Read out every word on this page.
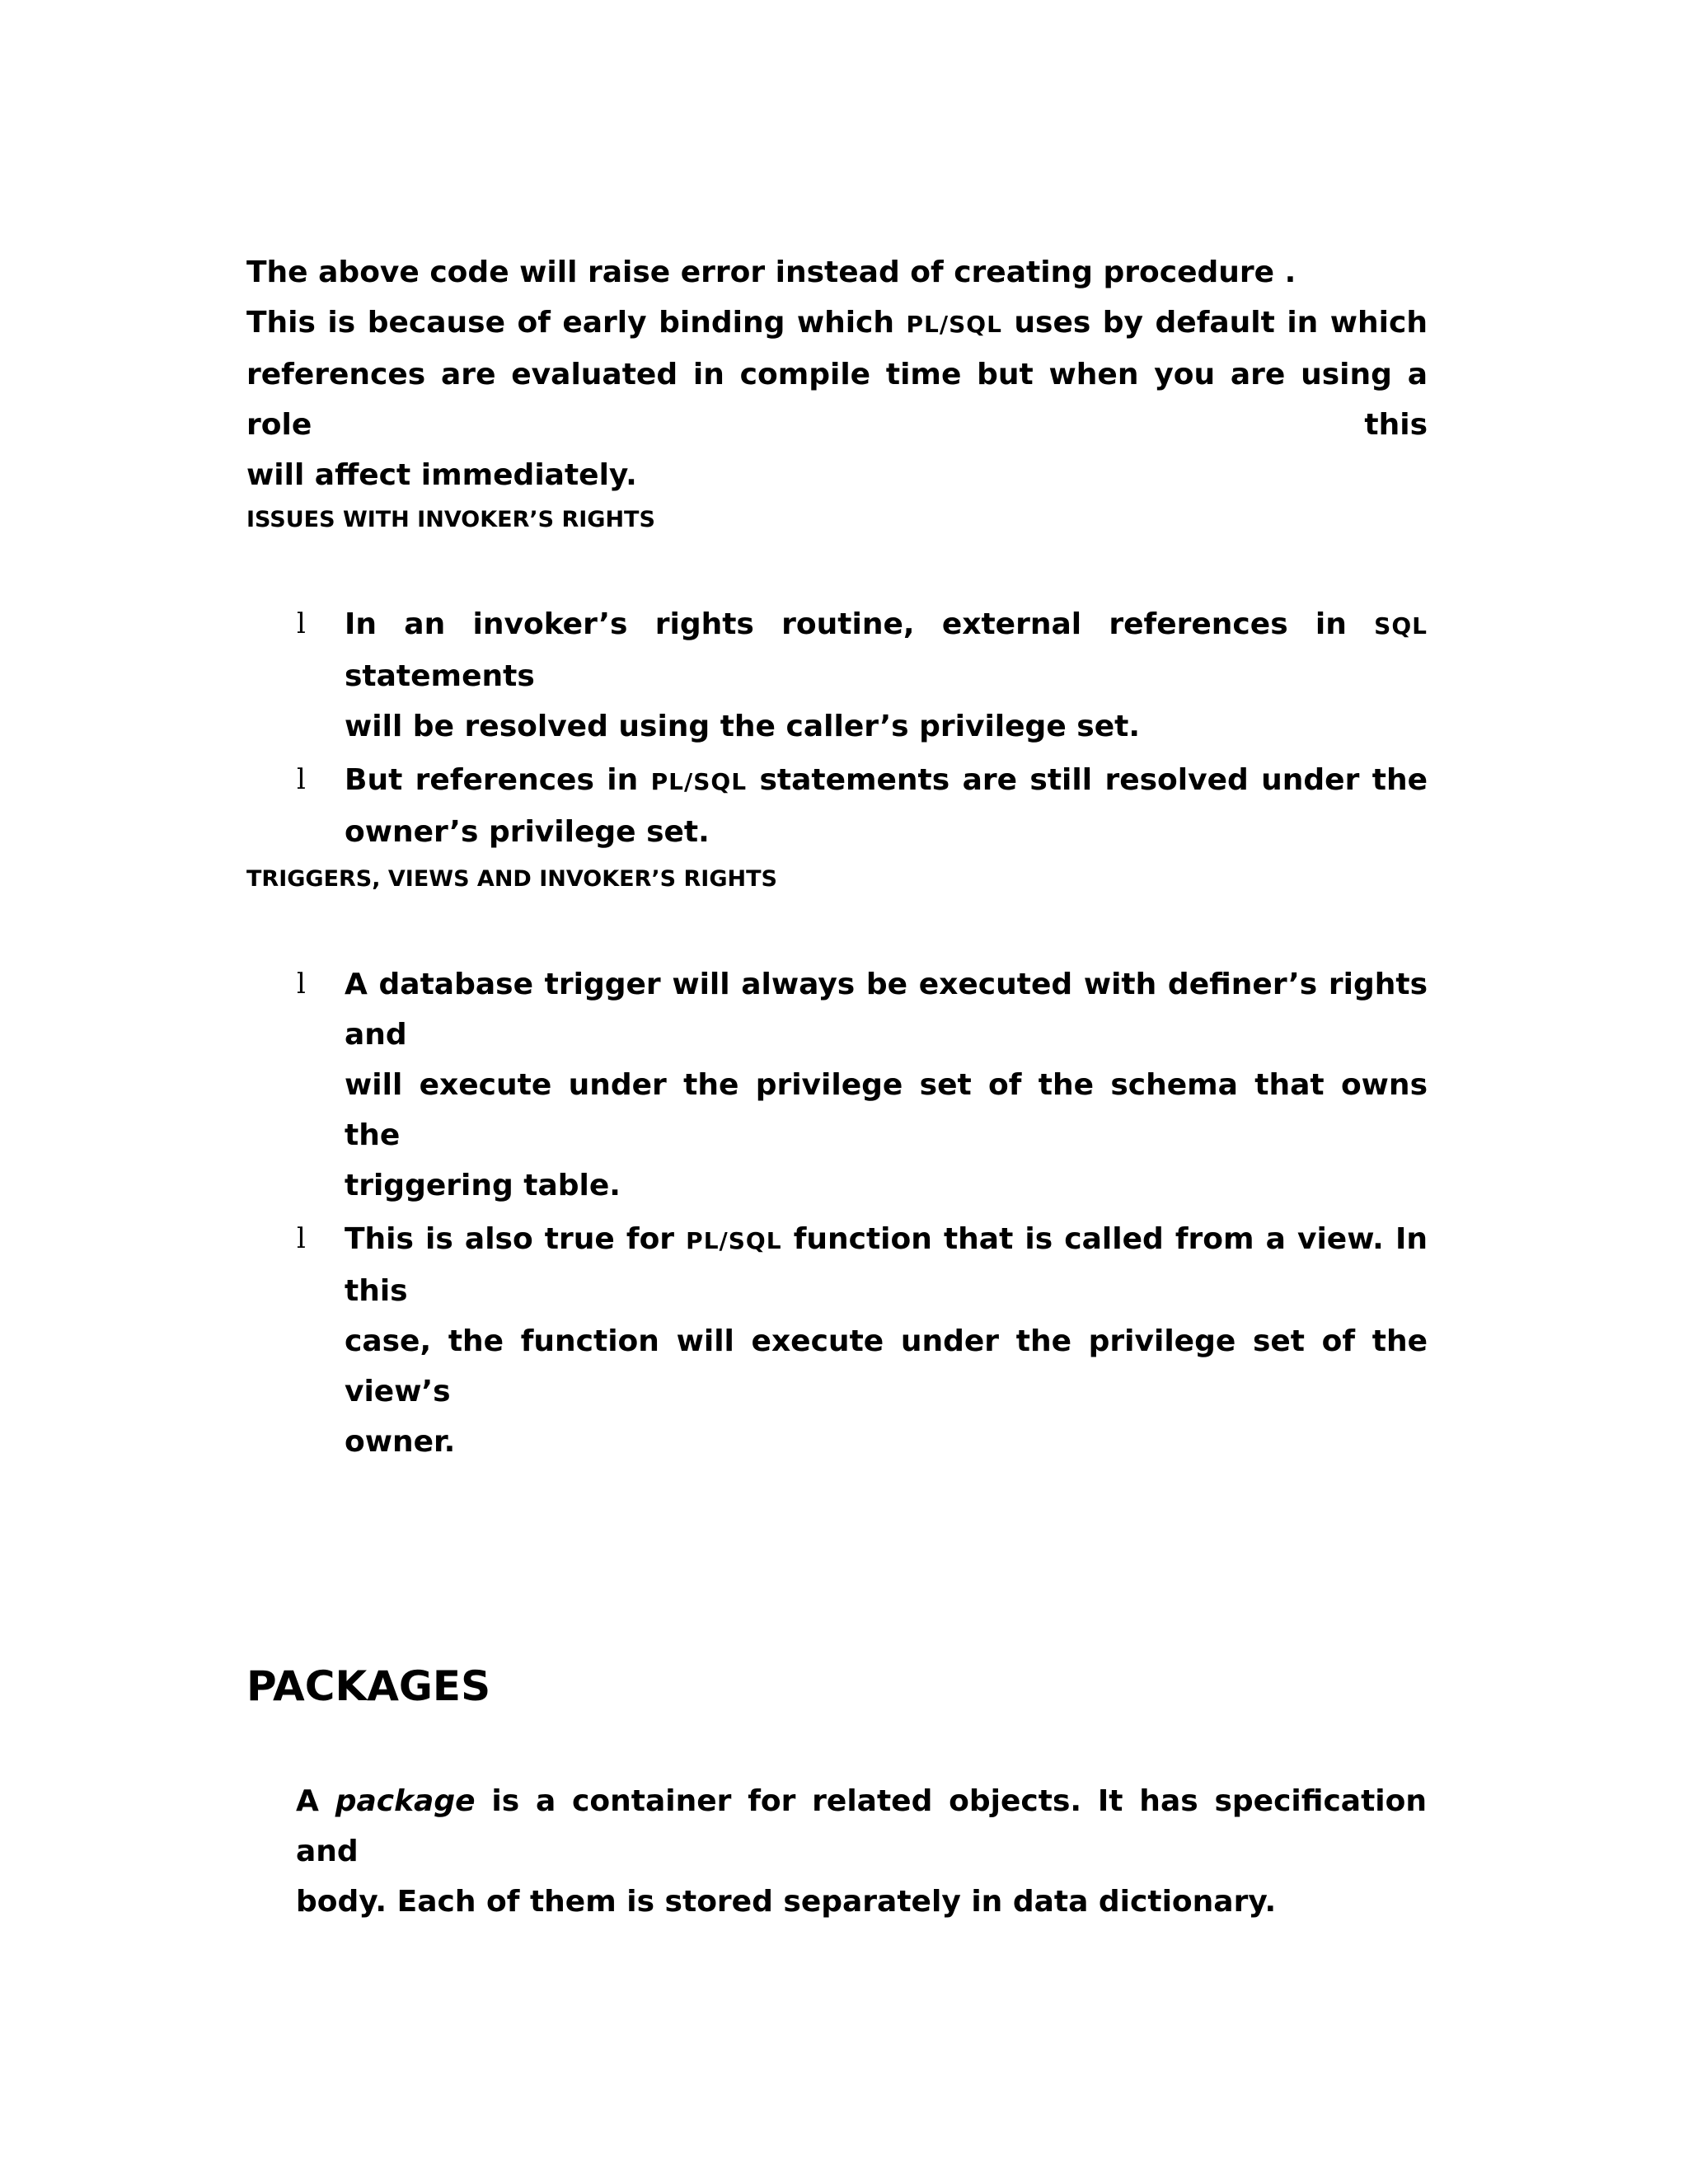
The above code will raise error instead of creating procedure .
This is because of early binding which PL/SQL uses by default in which
references are evaluated in compile time but when you are using a role this
will affect immediately.

ISSUES WITH INVOKER’S RIGHTS
l In an invoker’s rights routine, external references in SQL statements
will be resolved using the caller’s privilege set.
l But references in PL/SQL statements are still resolved under the
owner’s privilege set.
TRIGGERS, VIEWS AND INVOKER’S RIGHTS
l A database trigger will always be executed with definer’s rights and
will execute under the privilege set of the schema that owns the
triggering table.
l This is also true for PL/SQL function that is called from a view. In this
case, the function will execute under the privilege set of the view’s
owner.
PACKAGES

A package is a container for related objects. It has specification and
body. Each of them is stored separately in data dictionary.
